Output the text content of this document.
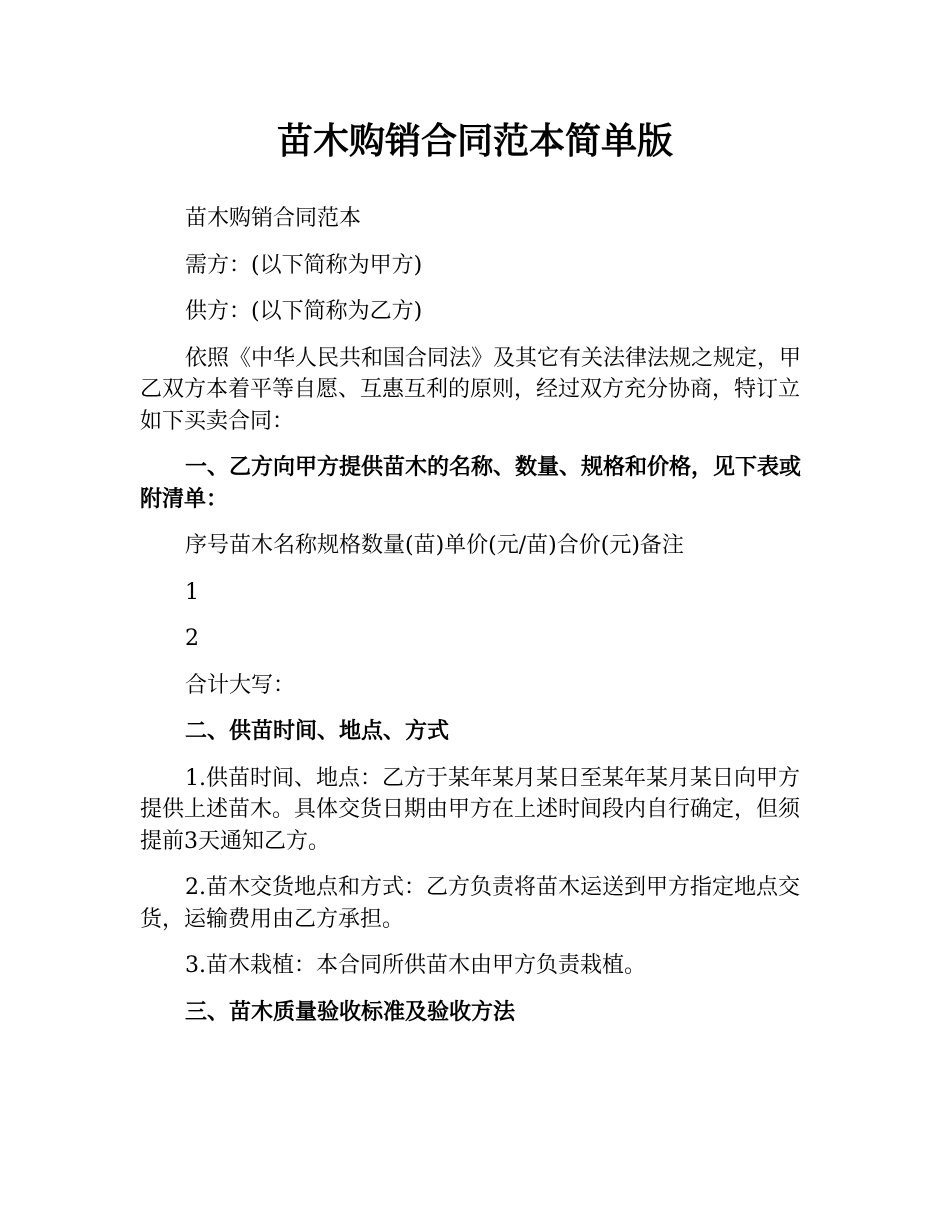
苗木购销合同范本简单版

苗木购销合同范本

需方：(以下简称为甲方)

供方：(以下简称为乙方)

依照《中华人民共和国合同法》及其它有关法律法规之规定，甲乙双方本着平等自愿、互惠互利的原则，经过双方充分协商，特订立如下买卖合同：

一、乙方向甲方提供苗木的名称、数量、规格和价格，见下表或附清单：

序号苗木名称规格数量(苗)单价(元/苗)合价(元)备注

1

2

合计大写：

二、供苗时间、地点、方式

1.供苗时间、地点：乙方于某年某月某日至某年某月某日向甲方提供上述苗木。具体交货日期由甲方在上述时间段内自行确定，但须提前3天通知乙方。

2.苗木交货地点和方式：乙方负责将苗木运送到甲方指定地点交货，运输费用由乙方承担。

3.苗木栽植：本合同所供苗木由甲方负责栽植。

三、苗木质量验收标准及验收方法
